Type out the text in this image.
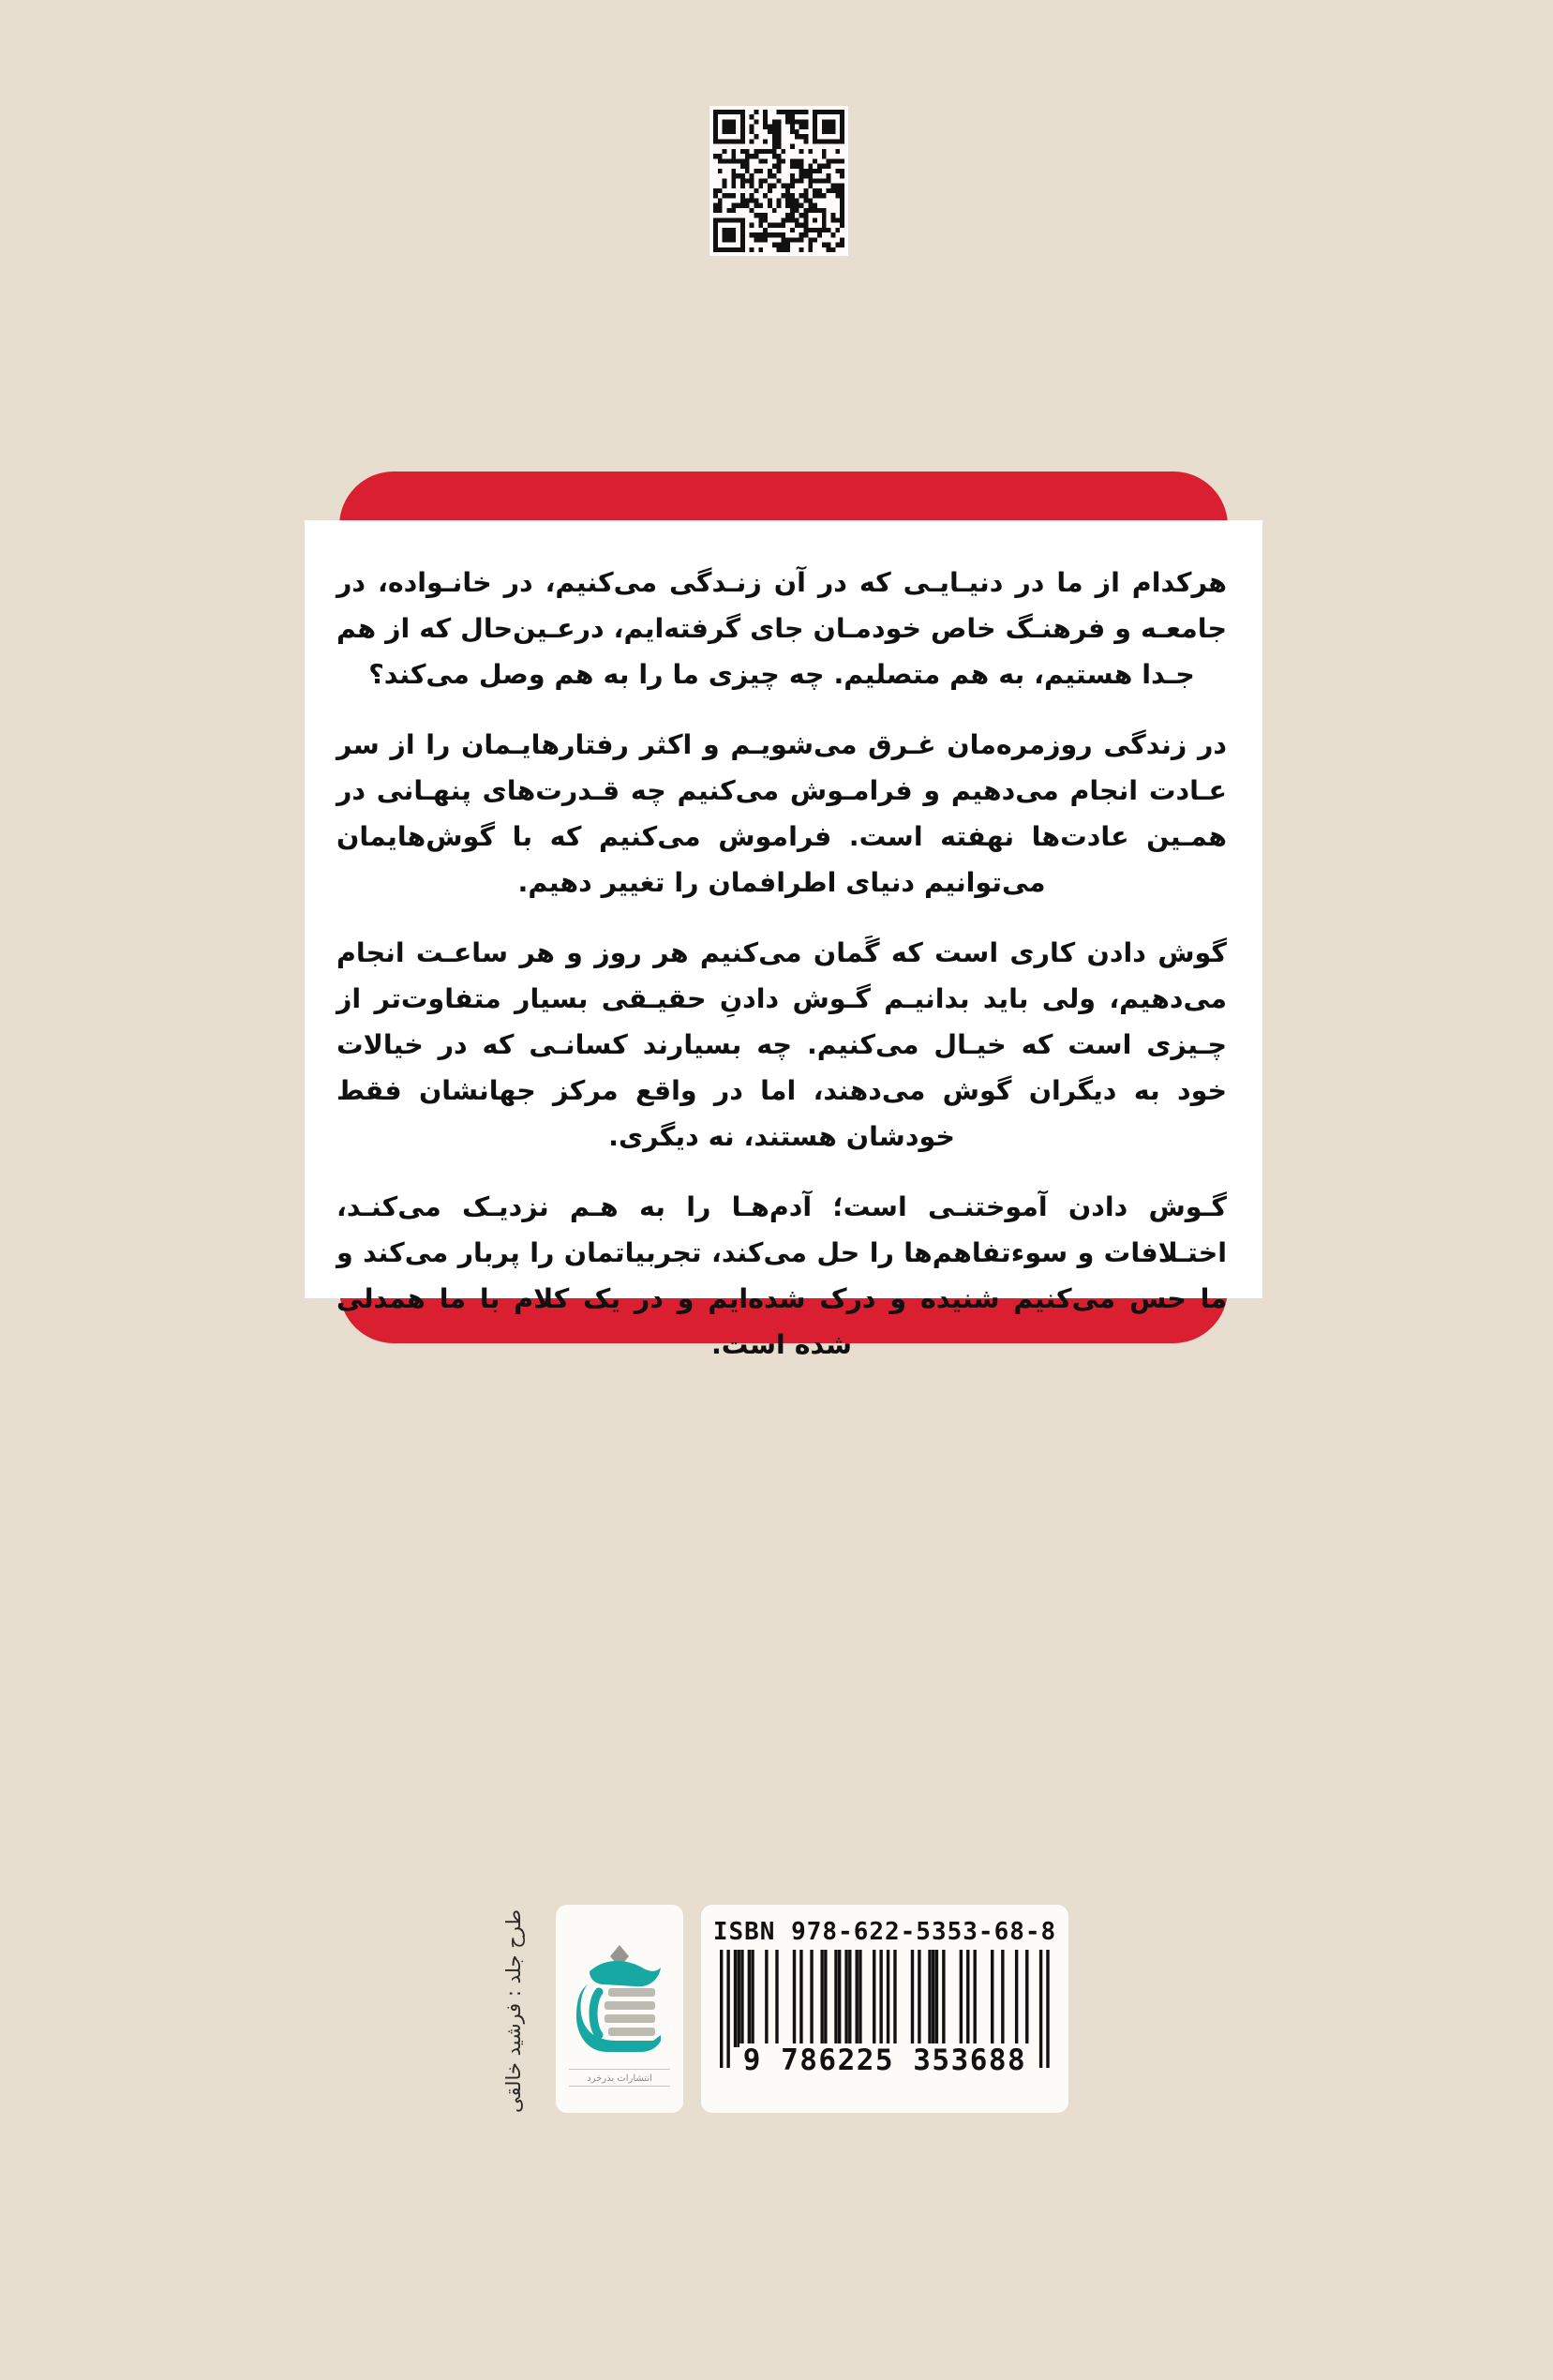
هرکدام از ما در دنیـایـی که در آن زنـدگی می‌کنیم، در خانـواده، در جامعـه و فرهنـگ خاص خودمـان جای گرفته‌ایم، درعـین‌حال که از هم جـدا هستیم، به هم متصلیم. چه چیزی ما را به هم وصل می‌کند؟

در زندگی روزمره‌مان غـرق می‌شویـم و اکثر رفتارهایـمان را از سر عـادت انجام می‌دهیم و فرامـوش می‌کنیم چه قـدرت‌های پنهـانی در همـین عادت‌ها نهفته است. فراموش می‌کنیم که با گوش‌هایمان می‌توانیم دنیای اطرافمان را تغییر دهیم.

گوش دادن کاری است که گَمان می‌کنیم هر روز و هر ساعـت انجام می‌دهیم، ولی باید بدانیـم گـوش دادنِ حقیـقی بسیار متفاوت‌تر از چـیزی است که خیـال می‌کنیم. چه بسیارند کسانـی که در خیالات خود به دیگران گوش می‌دهند، اما در واقع مرکز جهانشان فقط خودشان هستند، نه دیگری.

گـوش دادن آموختنـی است؛ آدم‌هـا را به هـم نزدیـک می‌کنـد، اختـلافات و سوءتفاهم‌ها را حل می‌کند، تجربیاتمان را پربار می‌کند و ما حس می‌کنیم شنیده و درک شده‌ایم و در یک کلام با ما همدلی شده است.

طرح جلد : فرشید خالقی	انتشارات بذرخرد
ISBN 978-622-5353-68-8
9 786225 353688
